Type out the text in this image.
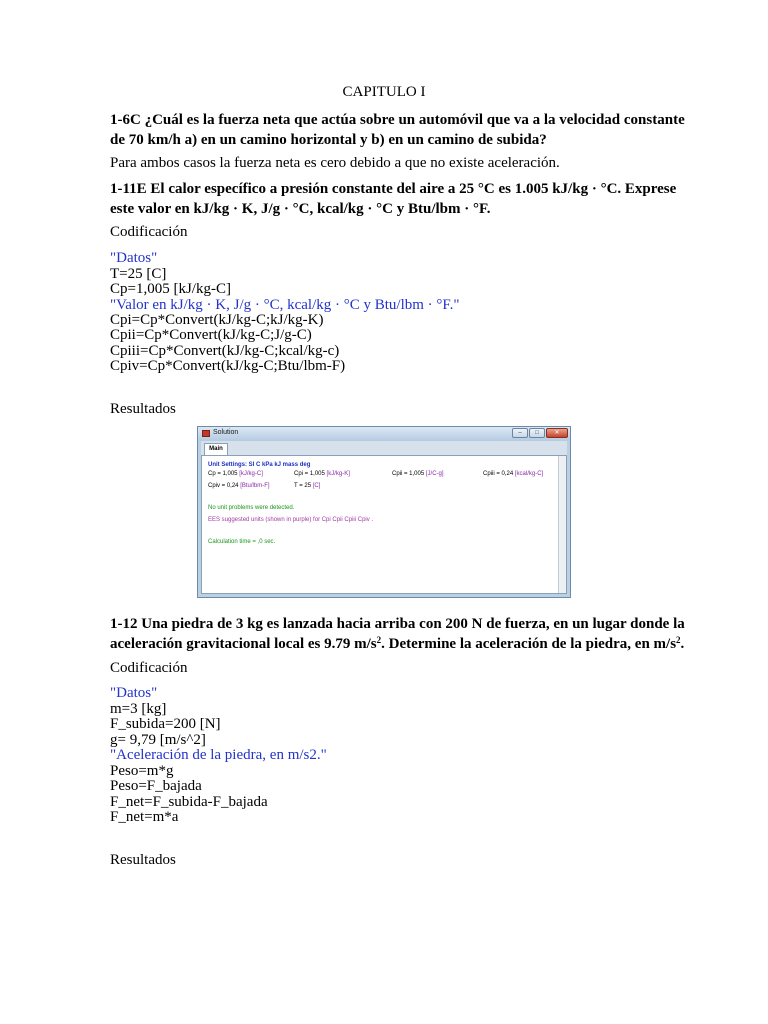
CAPITULO I
1-6C ¿Cuál es la fuerza neta que actúa sobre un automóvil que va a la velocidad constante
de 70 km/h a) en un camino horizontal y b) en un camino de subida?
Para ambos casos la fuerza neta es cero debido a que no existe aceleración.
1-11E El calor específico a presión constante del aire a 25 °C es 1.005 kJ/kg · °C. Exprese
este valor en kJ/kg · K, J/g · °C, kcal/kg · °C y Btu/lbm · °F.
Codificación
"Datos"
T=25 [C]
Cp=1,005 [kJ/kg-C]
"Valor en kJ/kg · K, J/g · °C, kcal/kg · °C y Btu/lbm · °F."
Cpi=Cp*Convert(kJ/kg-C;kJ/kg-K)
Cpii=Cp*Convert(kJ/kg-C;J/g-C)
Cpiii=Cp*Convert(kJ/kg-C;kcal/kg-c)
Cpiv=Cp*Convert(kJ/kg-C;Btu/lbm-F)
Resultados
Solution	–	□	✕
Main
Unit Settings: SI C kPa kJ mass deg
Cp = 1,005 [kJ/kg-C]	Cpi = 1,005 [kJ/kg-K]	Cpii = 1,005 [J/C-g]	Cpiii = 0,24 [kcal/kg-C]
Cpiv = 0,24 [Btu/lbm-F]	T = 25 [C]
No unit problems were detected.
EES suggested units (shown in purple) for Cpi Cpii Cpiii Cpiv .
Calculation time = ,0 sec.
1-12 Una piedra de 3 kg es lanzada hacia arriba con 200 N de fuerza, en un lugar donde la
aceleración gravitacional local es 9.79 $m/s^2$. Determine la aceleración de la piedra, en $m/s^2$.
Codificación
"Datos"
m=3 [kg]
F_subida=200 [N]
g= 9,79 [m/s^2]
"Aceleración de la piedra, en m/s2."
Peso=m*g
Peso=F_bajada
F_net=F_subida-F_bajada
F_net=m*a
Resultados
